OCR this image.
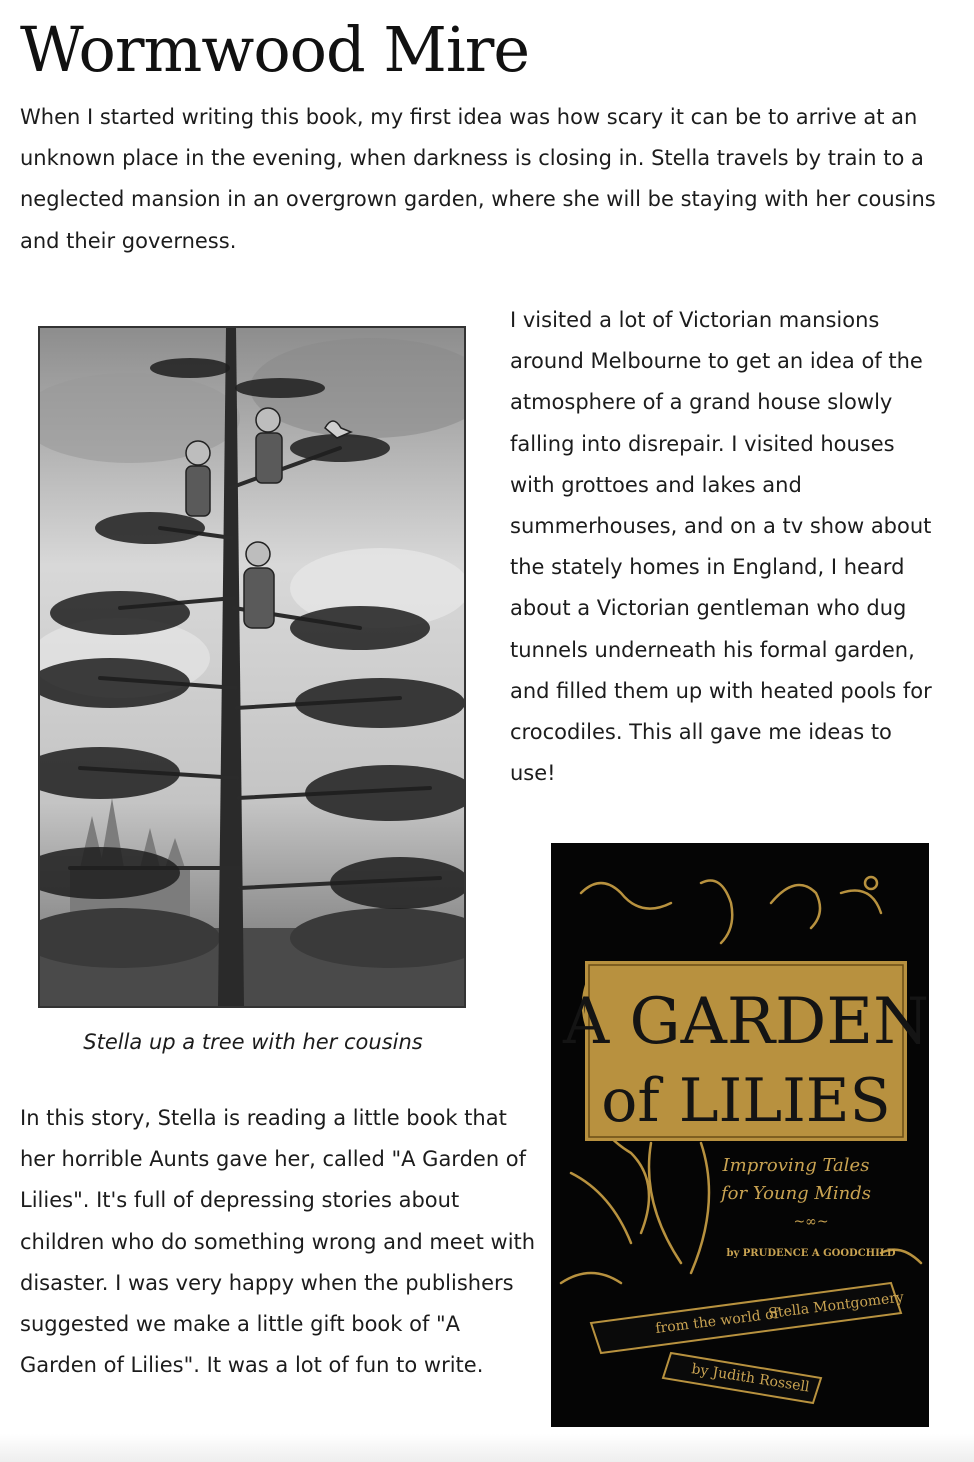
Wormwood Mire

When I started writing this book, my first idea was how scary it can be to arrive at an unknown place in the evening, when darkness is closing in. Stella travels by train to a neglected mansion in an overgrown garden, where she will be staying with her cousins and their governess.

Stella up a tree with her cousins

I visited a lot of Victorian mansions around Melbourne to get an idea of the atmosphere of a grand house slowly falling into disrepair. I visited houses with grottoes and lakes and summerhouses, and on a tv show about the stately homes in England, I heard about a Victorian gentleman who dug tunnels underneath his formal garden, and filled them up with heated pools for crocodiles. This all gave me ideas to use!

In this story, Stella is reading a little book that her horrible Aunts gave her, called "A Garden of Lilies". It's full of depressing stories about children who do something wrong and meet with disaster. I was very happy when the publishers suggested we make a little gift book of "A Garden of Lilies". It was a lot of fun to write.

A GARDEN
of LILIES
Improving Tales
for Young Minds
~∞~
by PRUDENCE A GOODCHILD
from the world of
Stella Montgomery
by Judith Rossell
